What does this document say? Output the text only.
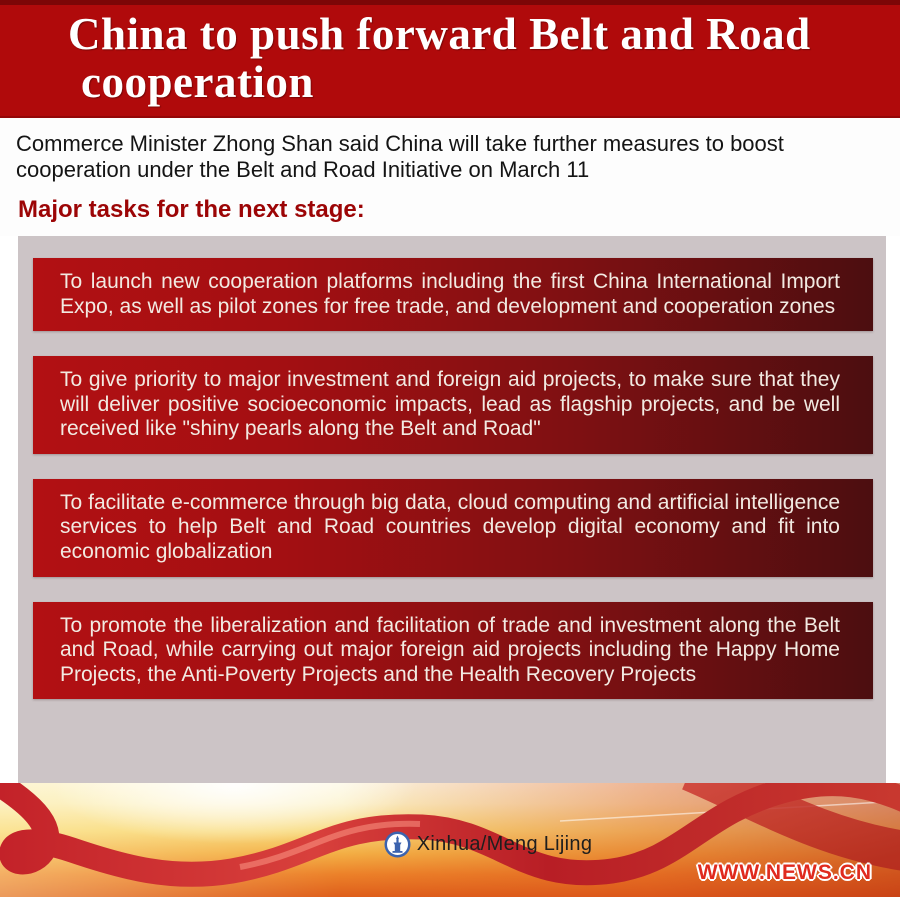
China to push forward Belt and Road
cooperation

Commerce Minister Zhong Shan said China will take further measures to boost cooperation under the Belt and Road Initiative on March 11

Major tasks for the next stage:
To launch new cooperation platforms including the first China International Import Expo, as well as pilot zones for free trade, and development and cooperation zones
To give priority to major investment and foreign aid projects, to make sure that they will deliver positive socioeconomic impacts, lead as flagship projects, and be well received like "shiny pearls along the Belt and Road"
To facilitate e-commerce through big data, cloud computing and artificial intelligence services to help Belt and Road countries develop digital economy and fit into economic globalization
To promote the liberalization and facilitation of trade and investment along the Belt and Road, while carrying out major foreign aid projects including the Happy Home Projects, the Anti-Poverty Projects and the Health Recovery Projects
Xinhua/Meng Lijing
WWW.NEWS.CN
